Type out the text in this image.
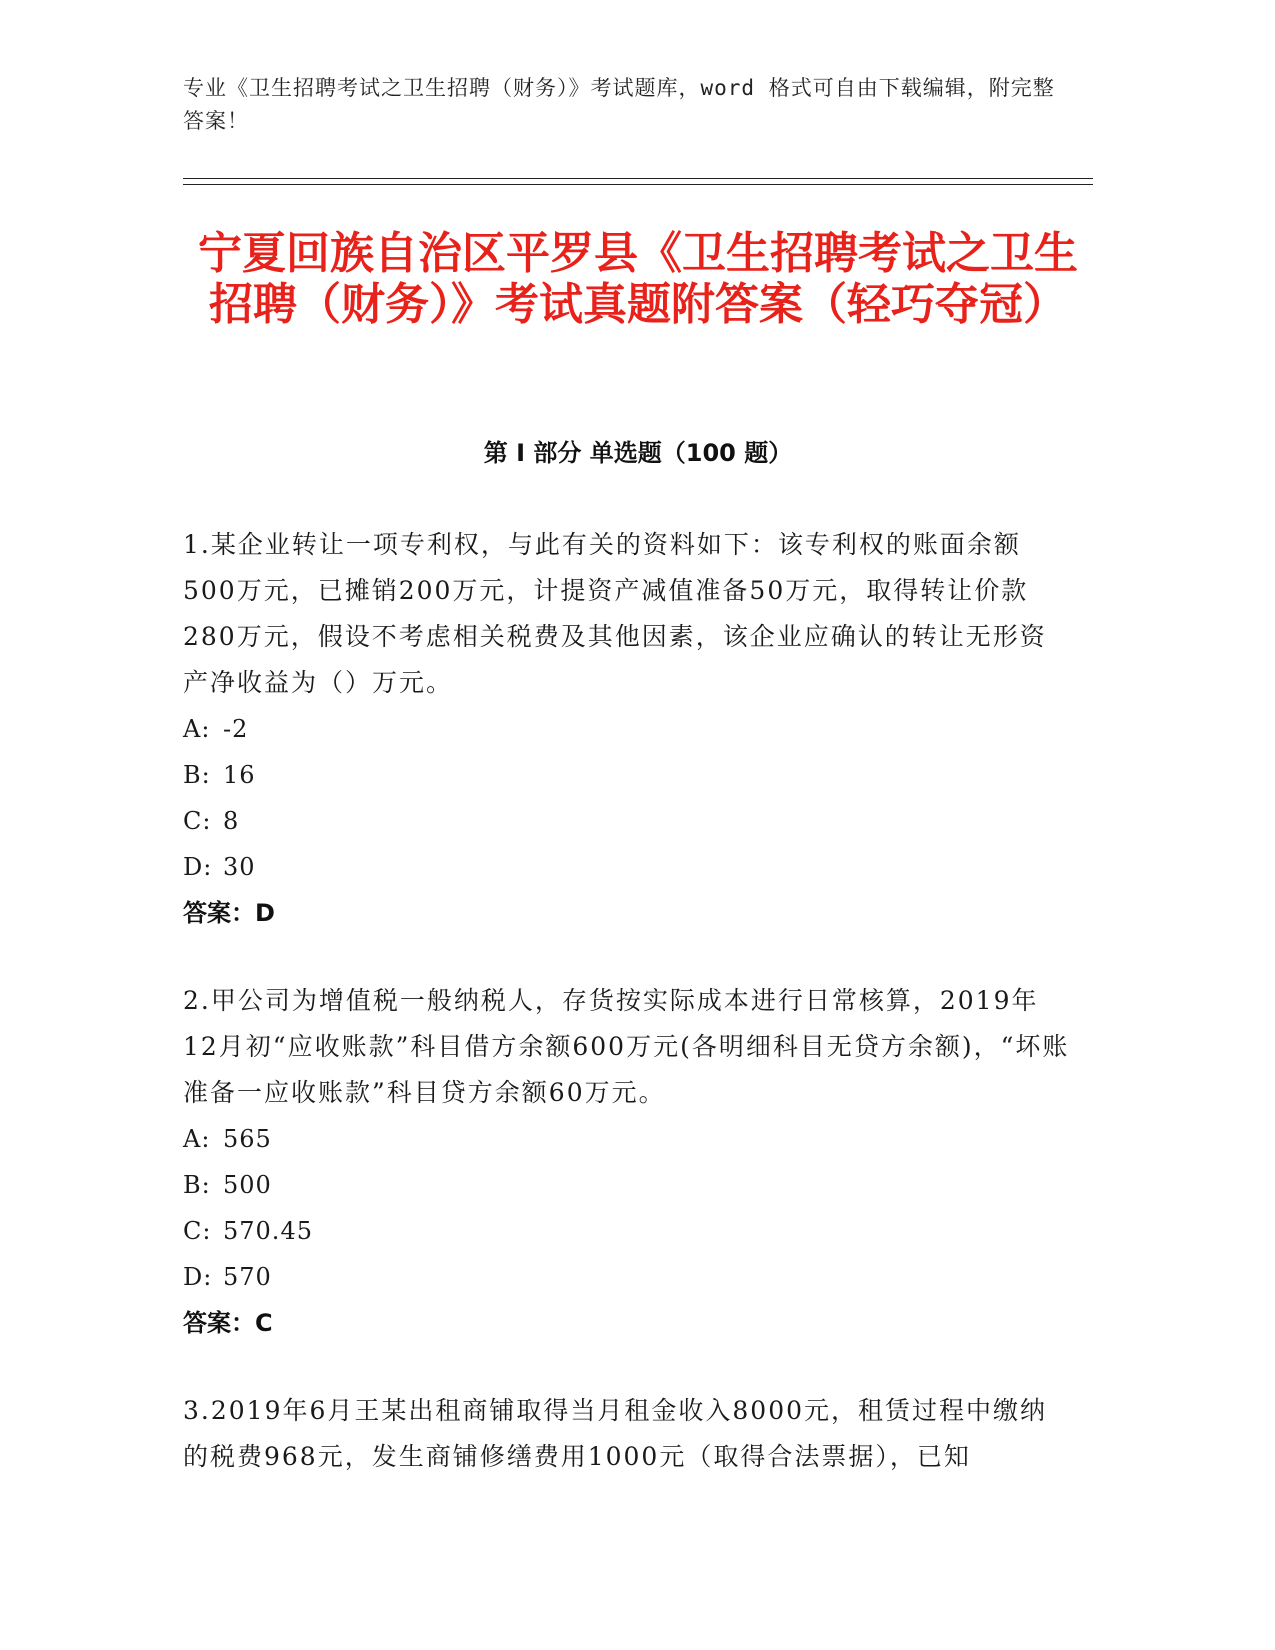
专业《卫生招聘考试之卫生招聘（财务）》考试题库，word 格式可自由下载编辑，附完整答案！
宁夏回族自治区平罗县《卫生招聘考试之卫生招聘（财务）》考试真题附答案（轻巧夺冠）
第 I 部分 单选题（100 题）

1.某企业转让一项专利权，与此有关的资料如下：该专利权的账面余额500万元，已摊销200万元，计提资产减值准备50万元，取得转让价款280万元，假设不考虑相关税费及其他因素，该企业应确认的转让无形资产净收益为（）万元。

A: -2

B: 16

C: 8

D: 30

答案：D

2.甲公司为增值税一般纳税人，存货按实际成本进行日常核算，2019年12月初“应收账款”科目借方余额600万元(各明细科目无贷方余额)，“坏账准备一应收账款”科目贷方余额60万元。

A: 565

B: 500

C: 570.45

D: 570

答案：C

3.2019年6月王某出租商铺取得当月租金收入8000元，租赁过程中缴纳的税费968元，发生商铺修缮费用1000元（取得合法票据），已知
